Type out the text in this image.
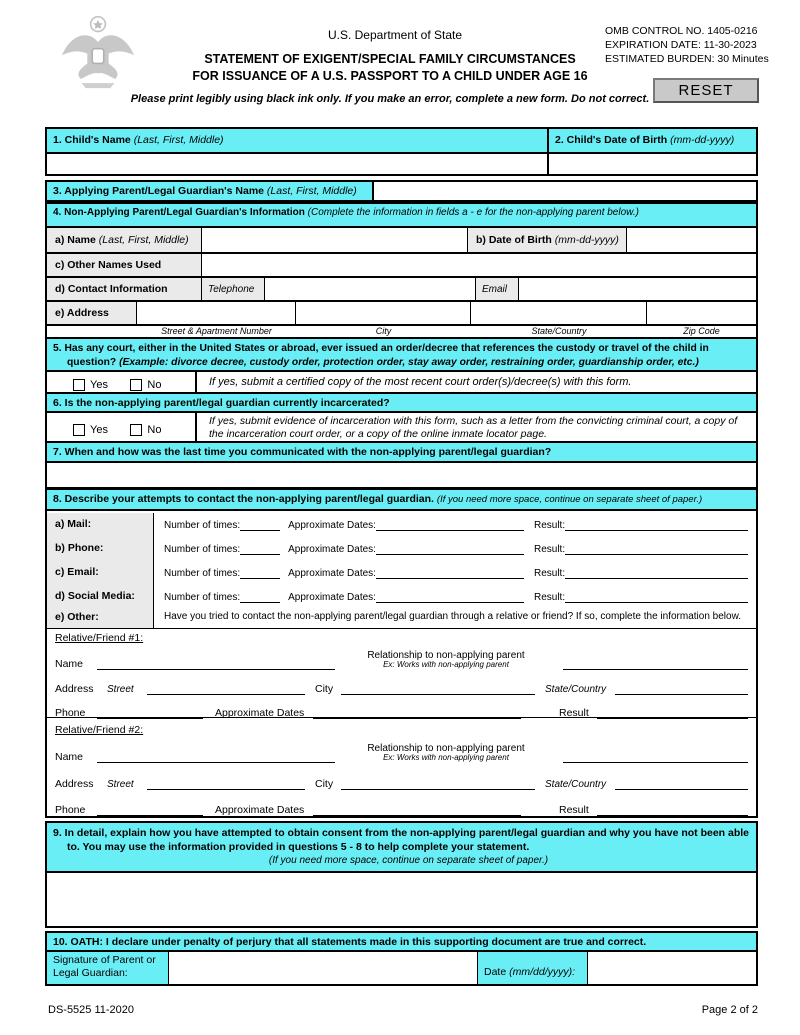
U.S. Department of State
STATEMENT OF EXIGENT/SPECIAL FAMILY CIRCUMSTANCES
FOR ISSUANCE OF A U.S. PASSPORT TO A CHILD UNDER AGE 16
Please print legibly using black ink only. If you make an error, complete a new form. Do not correct.
OMB CONTROL NO. 1405-0216
EXPIRATION DATE: 11-30-2023
ESTIMATED BURDEN: 30 Minutes
RESET
1. Child's Name (Last, First, Middle)	2. Child's Date of Birth (mm-dd-yyyy)
3. Applying Parent/Legal Guardian's Name (Last, First, Middle)
4. Non-Applying Parent/Legal Guardian's Information (Complete the information in fields a - e for the non-applying parent below.)
a) Name (Last, First, Middle)	b) Date of Birth (mm-dd-yyyy)
c) Other Names Used
d) Contact Information	Telephone	Email
e) Address
Street & Apartment Number	City	State/Country	Zip Code
5. Has any court, either in the United States or abroad, ever issued an order/decree that references the custody or travel of the child in question? (Example: divorce decree, custody order, protection order, stay away order, restraining order, guardianship order, etc.)
Yes	No	If yes, submit a certified copy of the most recent court order(s)/decree(s) with this form.
6. Is the non-applying parent/legal guardian currently incarcerated?
Yes	No
If yes, submit evidence of incarceration with this form, such as a letter from the convicting criminal court, a copy of the incarceration court order, or a copy of the online inmate locator page.
7. When and how was the last time you communicated with the non-applying parent/legal guardian?
8. Describe your attempts to contact the non-applying parent/legal guardian. (If you need more space, continue on separate sheet of paper.)
a) Mail:	Number of times:	Approximate Dates:	Result:
b) Phone:	Number of times:	Approximate Dates:	Result:
c) Email:	Number of times:	Approximate Dates:	Result:
d) Social Media:	Number of times:	Approximate Dates:	Result:
e) Other:	Have you tried to contact the non-applying parent/legal guardian through a relative or friend? If so, complete the information below.
Relative/Friend #1:
Name
Relationship to non-applying parent
Ex: Works with non-applying parent
Address	Street	City	State/Country
Phone	Approximate Dates	Result
Relative/Friend #2:
Name
Relationship to non-applying parent
Ex: Works with non-applying parent
Address	Street	City	State/Country
Phone	Approximate Dates	Result
9. In detail, explain how you have attempted to obtain consent from the non-applying parent/legal guardian and why you have not been able to. You may use the information provided in questions 5 - 8 to help complete your statement.
(If you need more space, continue on separate sheet of paper.)
10. OATH: I declare under penalty of perjury that all statements made in this supporting document are true and correct.
Signature of Parent or Legal Guardian:	Date (mm/dd/yyyy):
DS-5525 11-2020	Page 2 of 2
